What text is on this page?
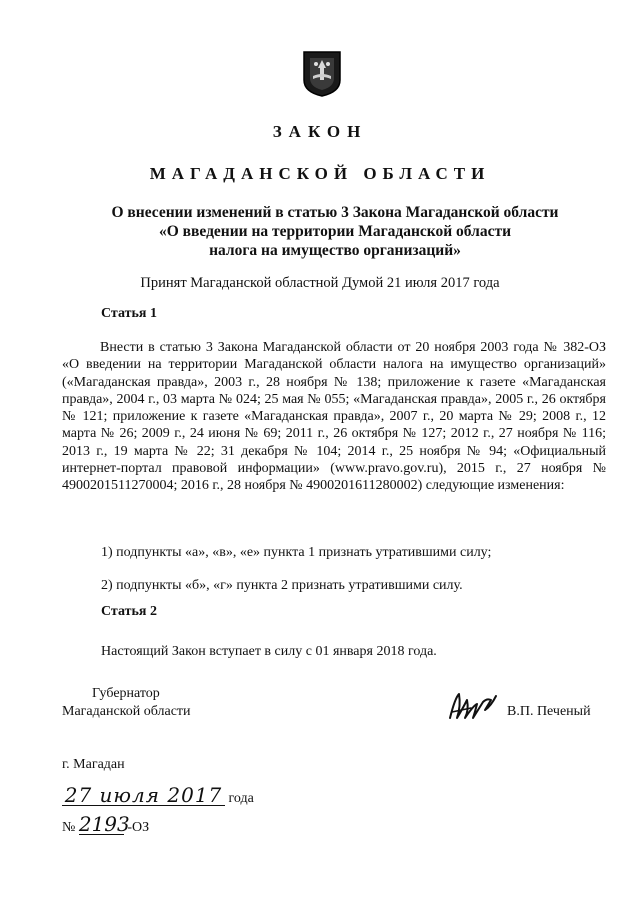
ЗАКОН
МАГАДАНСКОЙ ОБЛАСТИ
О внесении изменений в статью 3 Закона Магаданской области
«О введении на территории Магаданской области
налога на имущество организаций»
Принят Магаданской областной Думой 21 июля 2017 года
Статья 1
Внести в статью 3 Закона Магаданской области от 20 ноября 2003 года № 382-ОЗ «О введении на территории Магаданской области налога на имущество организаций» («Магаданская правда», 2003 г., 28 ноября № 138; приложение к газете «Магаданская правда», 2004 г., 03 марта № 024; 25 мая № 055; «Магаданская правда», 2005 г., 26 октября № 121; приложение к газете «Магаданская правда», 2007 г., 20 марта № 29; 2008 г., 12 марта № 26; 2009 г., 24 июня № 69; 2011 г., 26 октября № 127; 2012 г., 27 ноября № 116; 2013 г., 19 марта № 22; 31 декабря № 104; 2014 г., 25 ноября № 94; «Официальный интернет-портал правовой информации» (www.pravo.gov.ru), 2015 г., 27 ноября № 4900201511270004; 2016 г., 28 ноября № 4900201611280002) следующие изменения:
1) подпункты «а», «в», «е» пункта 1 признать утратившими силу;
2) подпункты «б», «г» пункта 2 признать утратившими силу.
Статья 2
Настоящий Закон вступает в силу с 01 января 2018 года.
Губернатор
Магаданской области	В.П. Печеный
г. Магадан
27 июля 2017 года
№ 2193 -ОЗ
